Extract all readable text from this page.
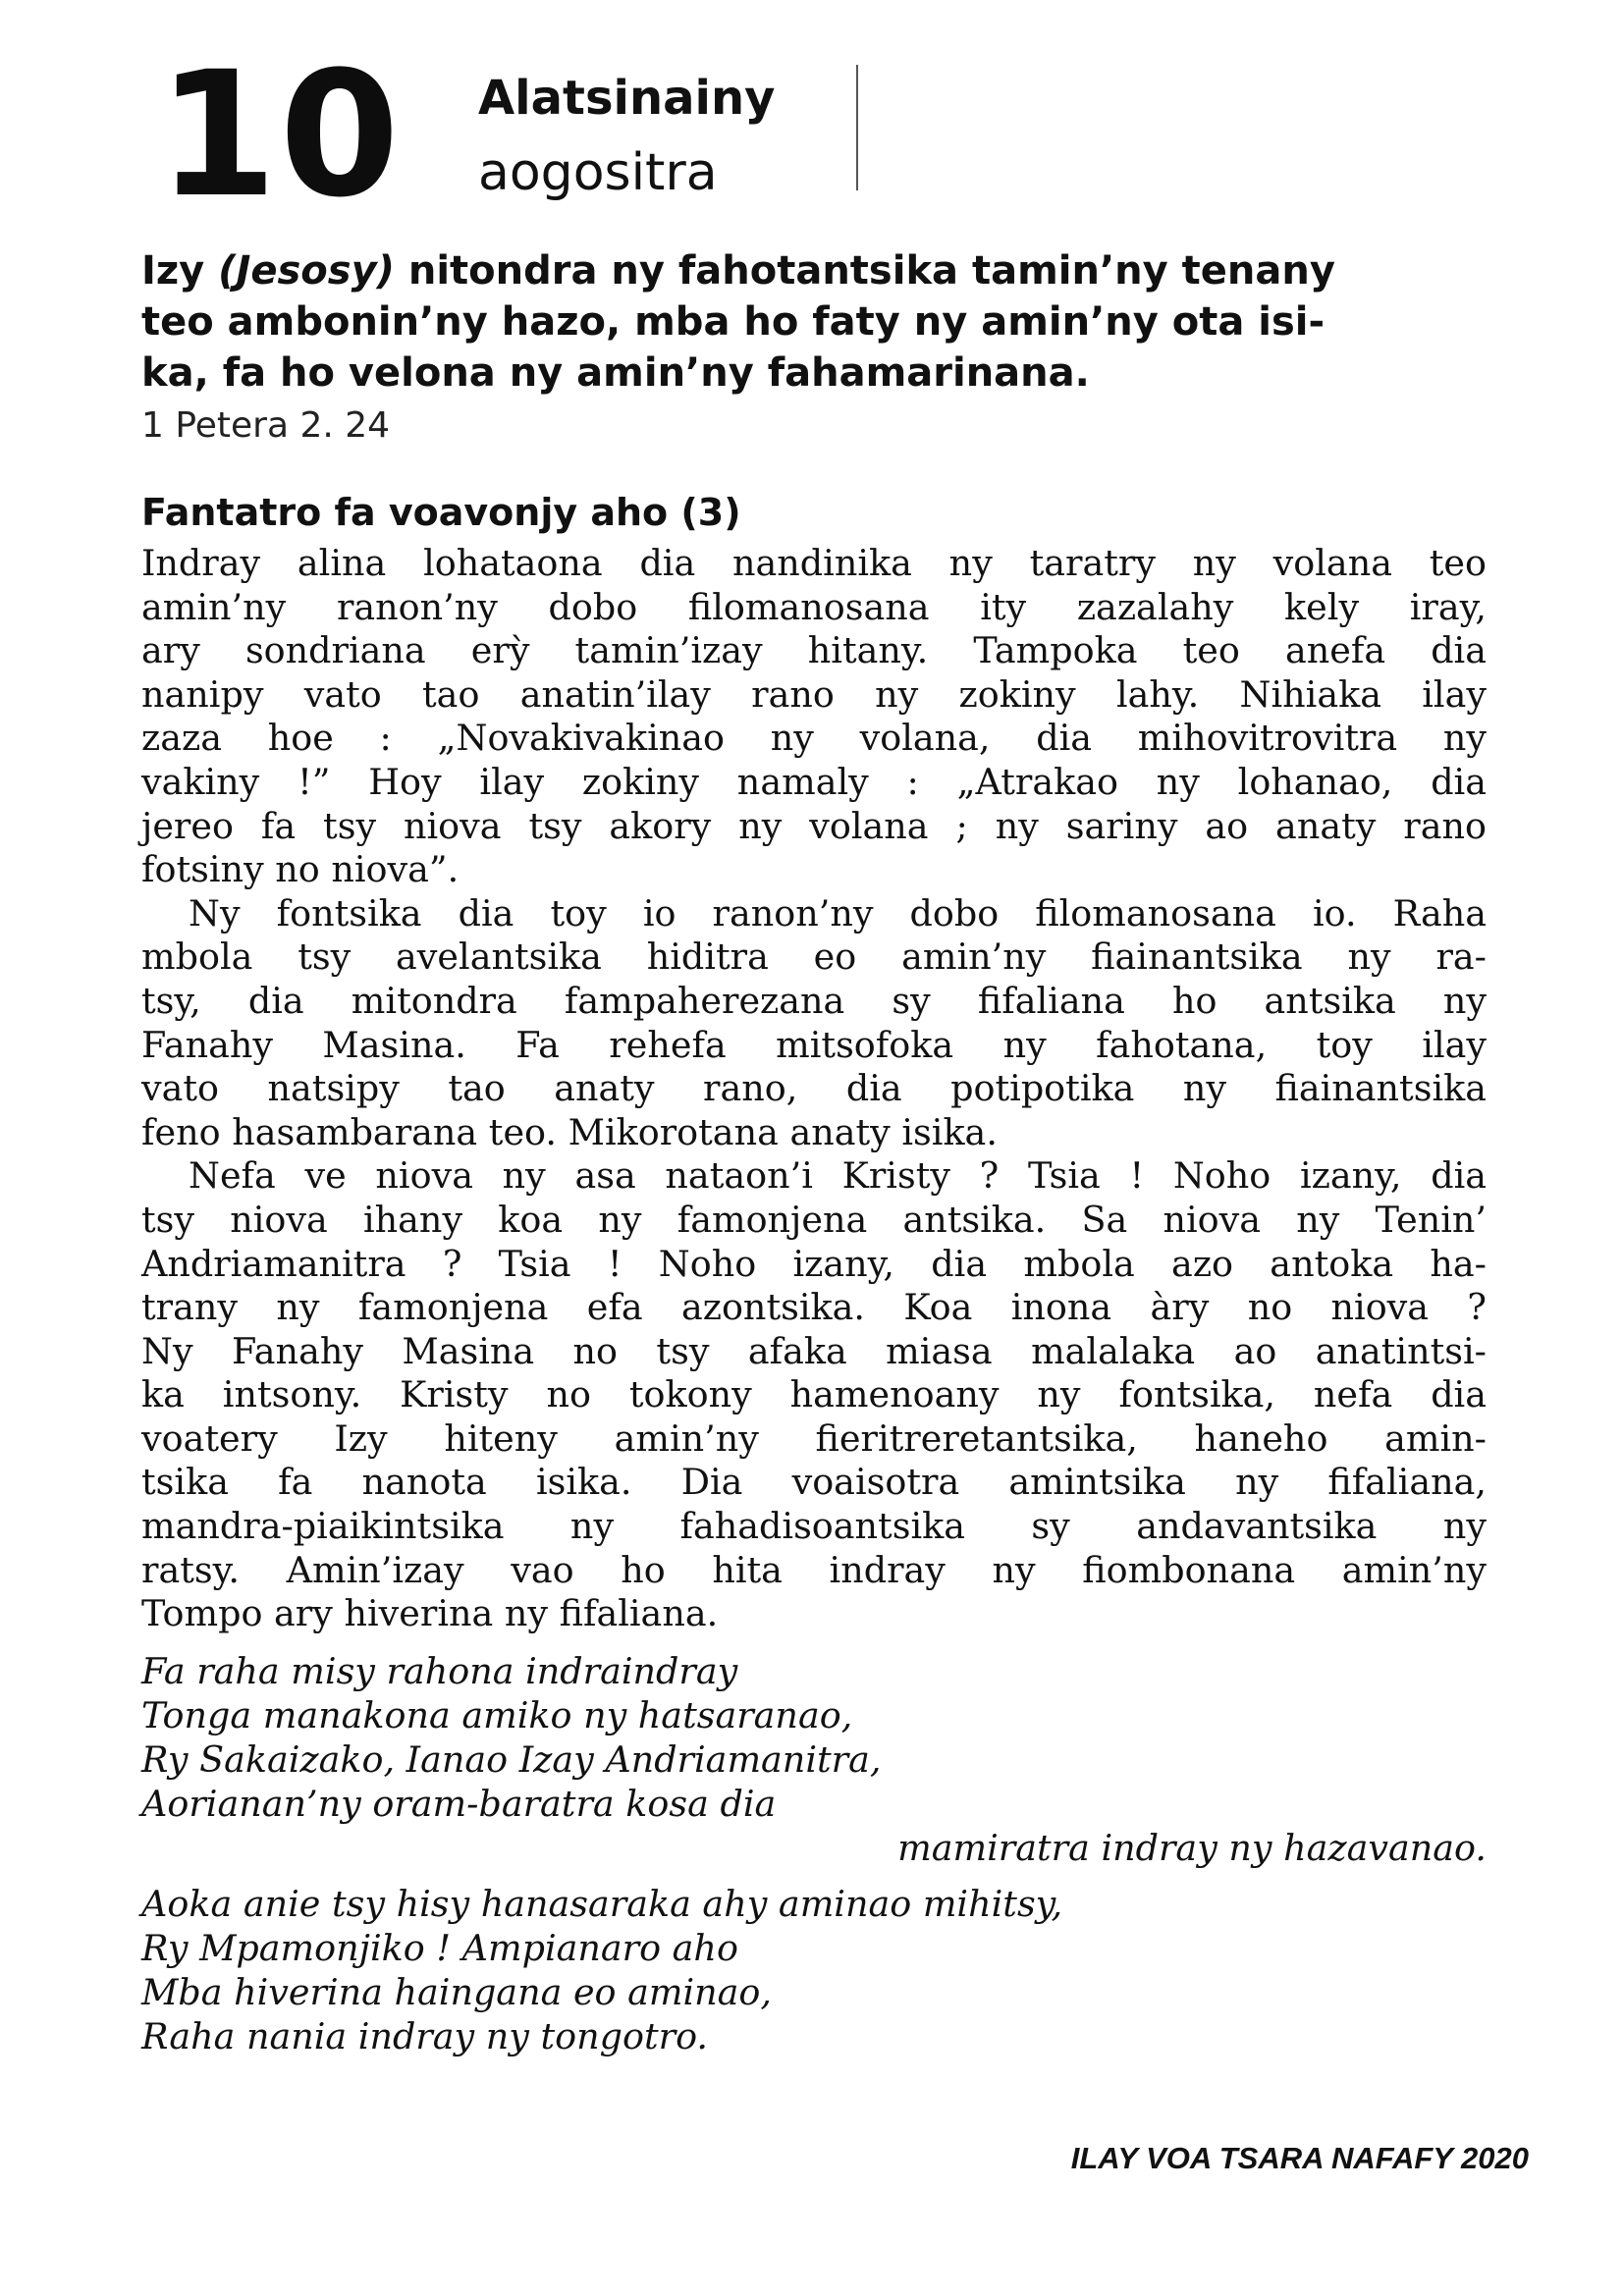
10 Alatsinainy
aogositra
Izy (Jesosy) nitondra ny fahotantsika tamin’ny tenany
teo ambonin’ny hazo, mba ho faty ny amin’ny ota isi-
ka, fa ho velona ny amin’ny fahamarinana.
1 Petera 2. 24
Fantatro fa voavonjy aho (3)
Indray alina lohataona dia nandinika ny taratry ny volana teo
amin’ny ranon’ny dobo filomanosana ity zazalahy kely iray,
ary sondriana erỳ tamin’izay hitany. Tampoka teo anefa dia
nanipy vato tao anatin’ilay rano ny zokiny lahy. Nihiaka ilay
zaza hoe : „Novakivakinao ny volana, dia mihovitrovitra ny
vakiny !” Hoy ilay zokiny namaly : „Atrakao ny lohanao, dia
jereo fa tsy niova tsy akory ny volana ; ny sariny ao anaty rano
fotsiny no niova”.
Ny fontsika dia toy io ranon’ny dobo filomanosana io. Raha
mbola tsy avelantsika hiditra eo amin’ny fiainantsika ny ra-
tsy, dia mitondra fampaherezana sy fifaliana ho antsika ny
Fanahy Masina. Fa rehefa mitsofoka ny fahotana, toy ilay
vato natsipy tao anaty rano, dia potipotika ny fiainantsika
feno hasambarana teo. Mikorotana anaty isika.
Nefa ve niova ny asa nataon’i Kristy ? Tsia ! Noho izany, dia
tsy niova ihany koa ny famonjena antsika. Sa niova ny Tenin’
Andriamanitra ? Tsia ! Noho izany, dia mbola azo antoka ha-
trany ny famonjena efa azontsika. Koa inona àry no niova ?
Ny Fanahy Masina no tsy afaka miasa malalaka ao anatintsi-
ka intsony. Kristy no tokony hamenoany ny fontsika, nefa dia
voatery Izy hiteny amin’ny fieritreretantsika, haneho amin-
tsika fa nanota isika. Dia voaisotra amintsika ny fifaliana,
mandra-piaikintsika ny fahadisoantsika sy andavantsika ny
ratsy. Amin’izay vao ho hita indray ny fiombonana amin’ny
Tompo ary hiverina ny fifaliana.
Fa raha misy rahona indraindray
Tonga manakona amiko ny hatsaranao,
Ry Sakaizako, Ianao Izay Andriamanitra,
Aorianan’ny oram-baratra kosa dia
mamiratra indray ny hazavanao.
Aoka anie tsy hisy hanasaraka ahy aminao mihitsy,
Ry Mpamonjiko ! Ampianaro aho
Mba hiverina haingana eo aminao,
Raha nania indray ny tongotro.
ILAY VOA TSARA NAFAFY 2020
